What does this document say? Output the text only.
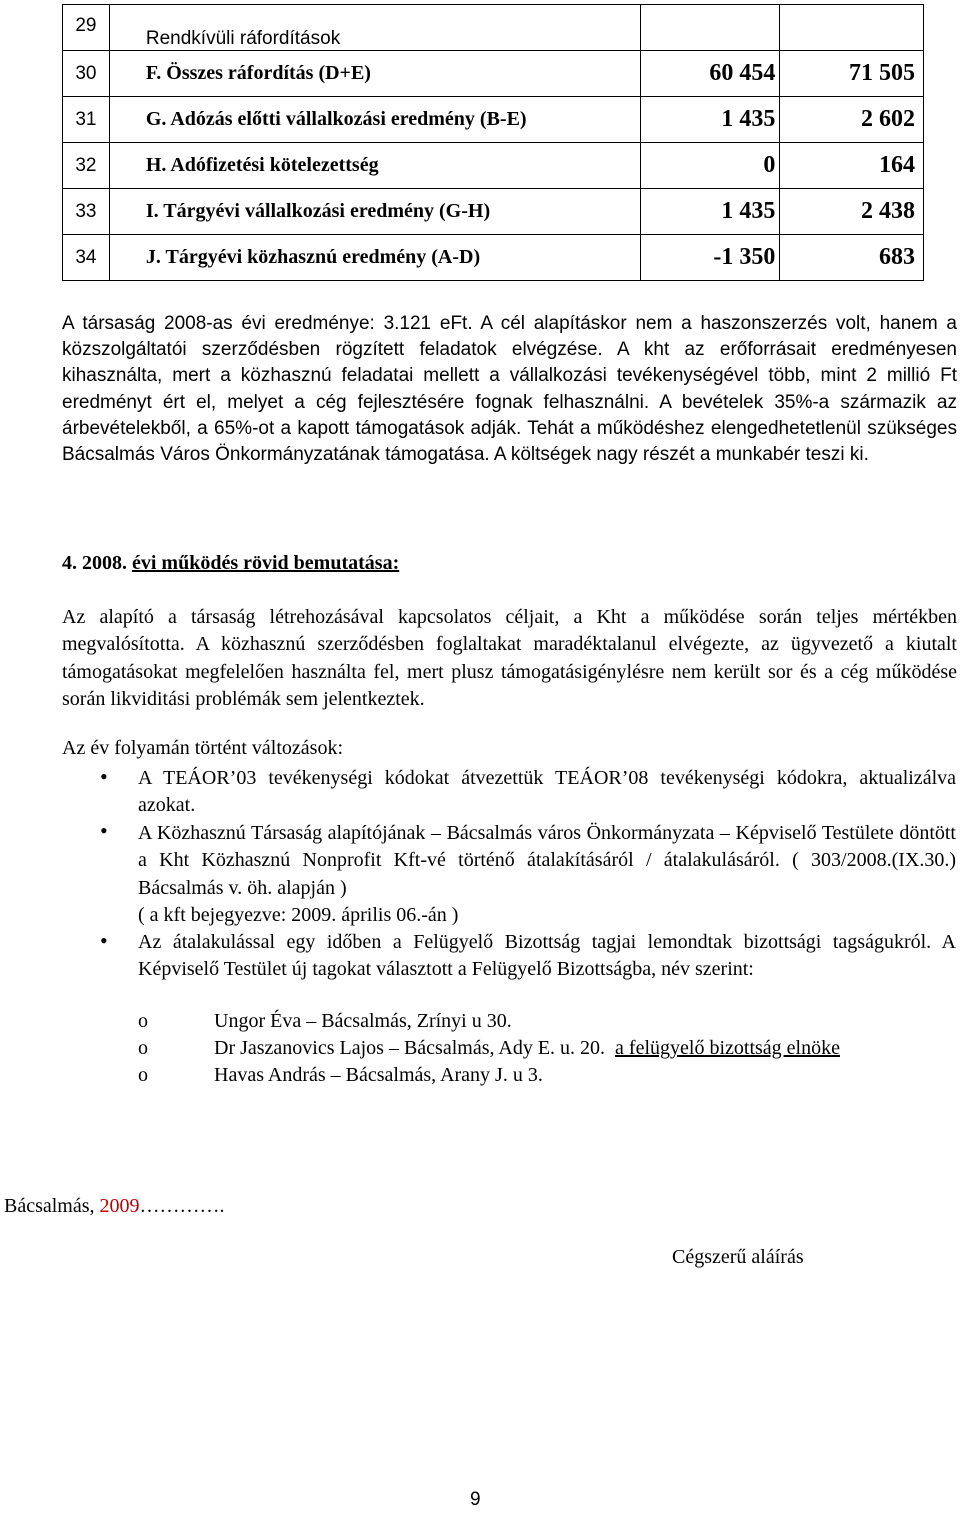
29	Rendkívüli ráfordítások		
30	F. Összes ráfordítás (D+E)	60 454	71 505
31	G. Adózás előtti vállalkozási eredmény (B-E)	1 435	2 602
32	H. Adófizetési kötelezettség	0	164
33	I. Tárgyévi vállalkozási eredmény (G-H)	1 435	2 438
34	J. Tárgyévi közhasznú eredmény (A-D)	-1 350	683
A társaság 2008-as évi eredménye: 3.121 eFt. A cél alapításkor nem a haszonszerzés volt, hanem a közszolgáltatói szerződésben rögzített feladatok elvégzése. A kht az erőforrásait eredményesen kihasználta, mert a közhasznú feladatai mellett a vállalkozási tevékenységével több, mint 2 millió Ft eredményt ért el, melyet a cég fejlesztésére fognak felhasználni. A bevételek 35%-a származik az árbevételekből, a 65%-ot a kapott támogatások adják. Tehát a működéshez elengedhetetlenül szükséges Bácsalmás Város Önkormányzatának támogatása. A költségek nagy részét a munkabér teszi ki.
4. 2008. évi működés rövid bemutatása:
Az alapító a társaság létrehozásával kapcsolatos céljait, a Kht a működése során teljes mértékben megvalósította. A közhasznú szerződésben foglaltakat maradéktalanul elvégezte, az ügyvezető a kiutalt támogatásokat megfelelően használta fel, mert plusz támogatásigénylésre nem került sor és a cég működése során likviditási problémák sem jelentkeztek.
Az év folyamán történt változások:
• A TEÁOR’03 tevékenységi kódokat átvezettük TEÁOR’08 tevékenységi kódokra, aktualizálva azokat.
• A Közhasznú Társaság alapítójának – Bácsalmás város Önkormányzata – Képviselő Testülete döntött a Kht Közhasznú Nonprofit Kft-vé történő átalakításáról / átalakulásáról. ( 303/2008.(IX.30.) Bácsalmás v. öh. alapján )
( a kft bejegyezve: 2009. április 06.-án )
• Az átalakulással egy időben a Felügyelő Bizottság tagjai lemondtak bizottsági tagságukról. A Képviselő Testület új tagokat választott a Felügyelő Bizottságba, név szerint:
o	Ungor Éva – Bácsalmás, Zrínyi u 30.
o	Dr Jaszanovics Lajos – Bácsalmás, Ady E. u. 20. a felügyelő bizottság elnöke
o	Havas András – Bácsalmás, Arany J. u 3.
Bácsalmás, 2009………….
Cégszerű aláírás
9
